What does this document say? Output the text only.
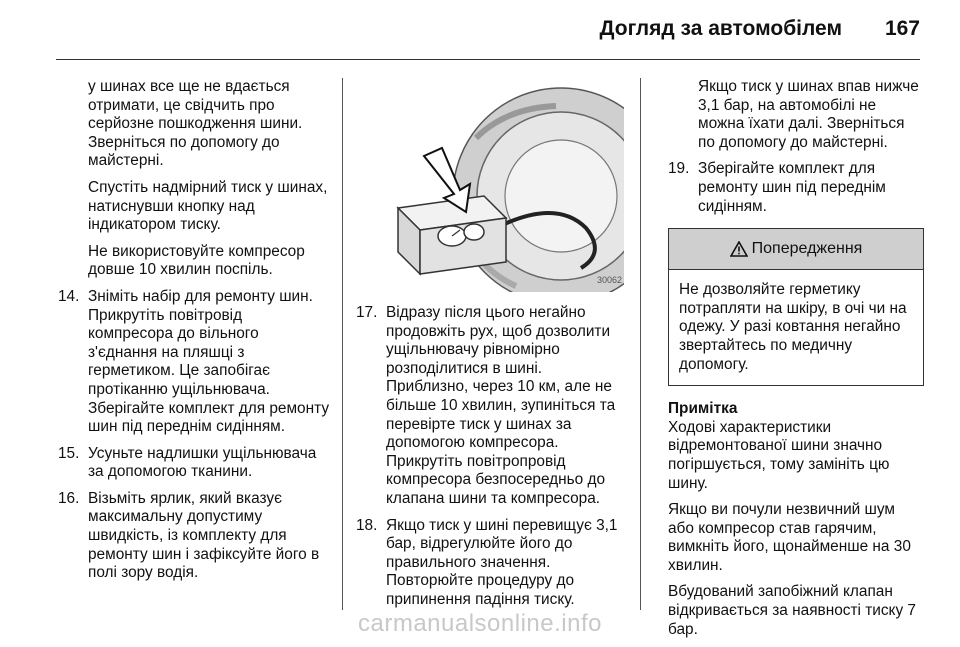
Догляд за автомобілем 167

у шинах все ще не вдається отримати, це свідчить про серйозне пошкодження шини. Зверніться по допомогу до майстерні.

Спустіть надмірний тиск у шинах, натиснувши кнопку над індикатором тиску.

Не використовуйте компресор довше 10 хвилин поспіль.

14. Зніміть набір для ремонту шин. Прикрутіть повітровід компресора до вільного з'єднання на пляшці з герметиком. Це запобігає протіканню ущільнювача. Зберігайте комплект для ремонту шин під переднім сидінням.
15. Усуньте надлишки ущільнювача за допомогою тканини.
16. Візьміть ярлик, який вказує максимальну допустиму швидкість, із комплекту для ремонту шин і зафіксуйте його в полі зору водія.
30062
17. Відразу після цього негайно продовжіть рух, щоб дозволити ущільнювачу рівномірно розподілитися в шині. Приблизно, через 10 км, але не більше 10 хвилин, зупиніться та перевірте тиск у шинах за допомогою компресора. Прикрутіть повітропровід компресора безпосередньо до клапана шини та компресора.
18. Якщо тиск у шині перевищує 3,1 бар, відрегулюйте його до правильного значення. Повторюйте процедуру до припинення падіння тиску.

Якщо тиск у шинах впав нижче 3,1 бар, на автомобілі не можна їхати далі. Зверніться по допомогу до майстерні.

19. Зберігайте комплект для ремонту шин під переднім сидінням.
Попередження
Не дозволяйте герметику потрапляти на шкіру, в очі чи на одежу. У разі ковтання негайно звертайтесь по медичну допомогу.

Примітка

Ходові характеристики відремонтованої шини значно погіршується, тому замініть цю шину.

Якщо ви почули незвичний шум або компресор став гарячим, вимкніть його, щонайменше на 30 хвилин.

Вбудований запобіжний клапан відкривається за наявності тиску 7 бар.

carmanualsonline.info
